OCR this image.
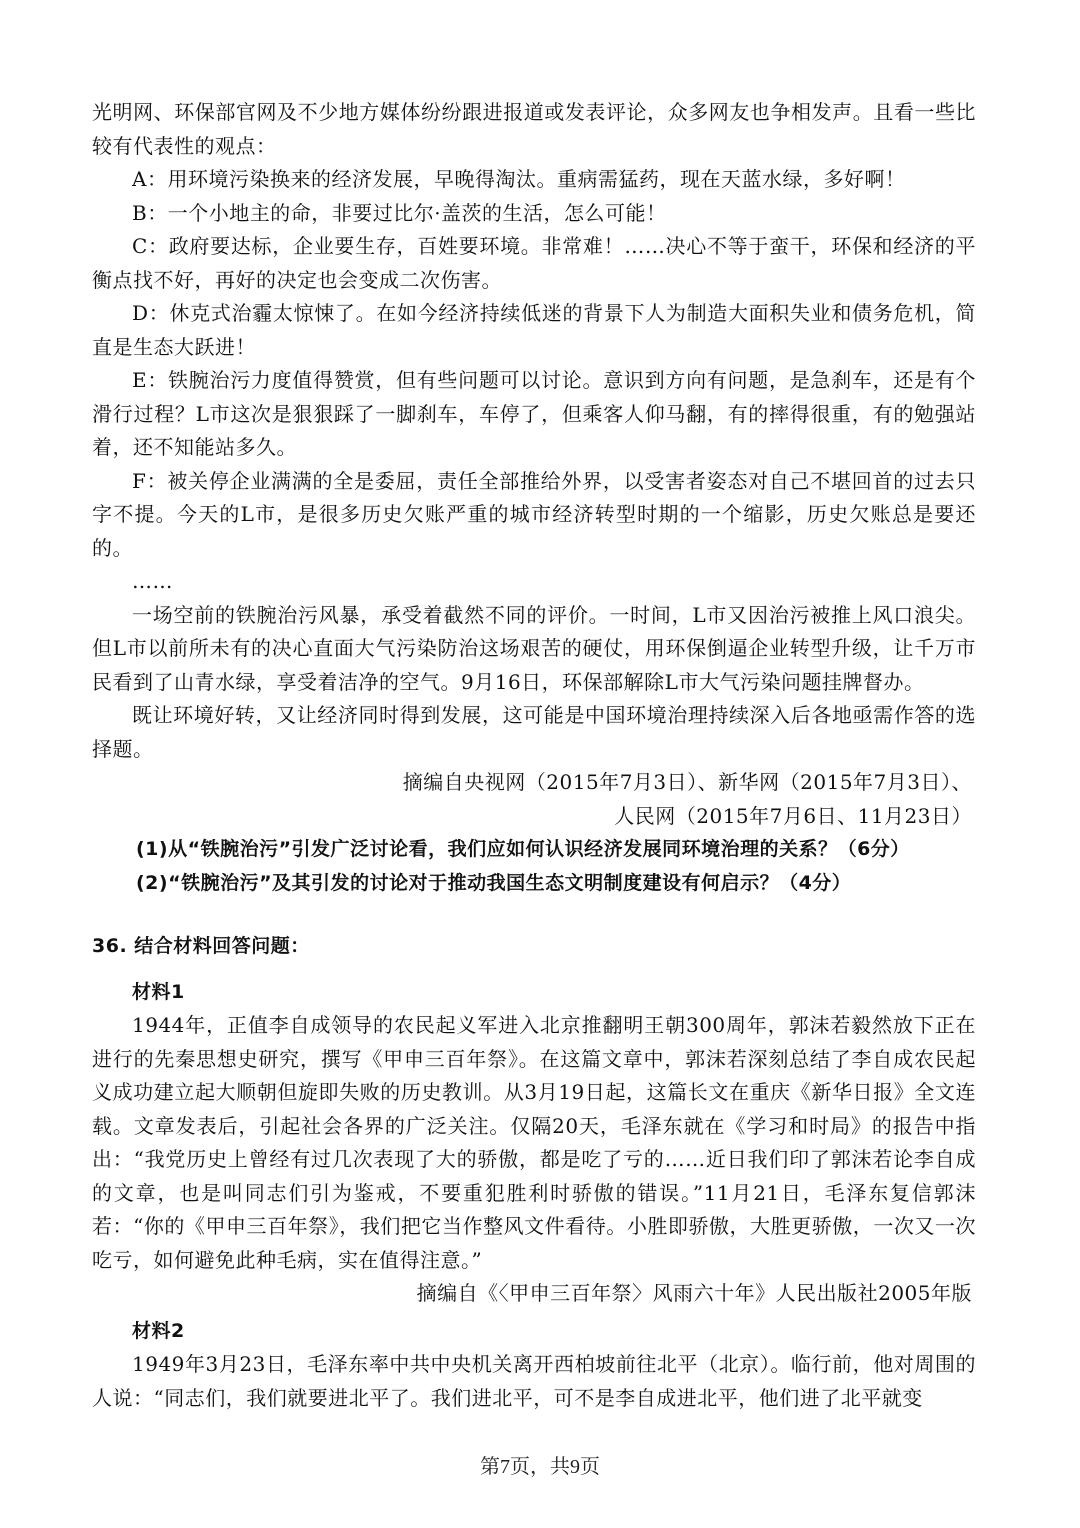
光明网、环保部官网及不少地方媒体纷纷跟进报道或发表评论，众多网友也争相发声。且看一些比较有代表性的观点：

A：用环境污染换来的经济发展，早晚得淘汰。重病需猛药，现在天蓝水绿，多好啊！

B：一个小地主的命，非要过比尔·盖茨的生活，怎么可能！

C：政府要达标，企业要生存，百姓要环境。非常难！……决心不等于蛮干，环保和经济的平衡点找不好，再好的决定也会变成二次伤害。

D：休克式治霾太惊悚了。在如今经济持续低迷的背景下人为制造大面积失业和债务危机，简直是生态大跃进！

E：铁腕治污力度值得赞赏，但有些问题可以讨论。意识到方向有问题，是急刹车，还是有个滑行过程？L市这次是狠狠踩了一脚刹车，车停了，但乘客人仰马翻，有的摔得很重，有的勉强站着，还不知能站多久。

F：被关停企业满满的全是委屈，责任全部推给外界，以受害者姿态对自己不堪回首的过去只字不提。今天的L市，是很多历史欠账严重的城市经济转型时期的一个缩影，历史欠账总是要还的。

……

一场空前的铁腕治污风暴，承受着截然不同的评价。一时间，L市又因治污被推上风口浪尖。但L市以前所未有的决心直面大气污染防治这场艰苦的硬仗，用环保倒逼企业转型升级，让千万市民看到了山青水绿，享受着洁净的空气。9月16日，环保部解除L市大气污染问题挂牌督办。

既让环境好转，又让经济同时得到发展，这可能是中国环境治理持续深入后各地亟需作答的选择题。

摘编自央视网（2015年7月3日）、新华网（2015年7月3日）、

人民网（2015年7月6日、11月23日）

(1)从“铁腕治污”引发广泛讨论看，我们应如何认识经济发展同环境治理的关系？（6分）

(2)“铁腕治污”及其引发的讨论对于推动我国生态文明制度建设有何启示？（4分）

36. 结合材料回答问题：

材料1

1944年，正值李自成领导的农民起义军进入北京推翻明王朝300周年，郭沫若毅然放下正在进行的先秦思想史研究，撰写《甲申三百年祭》。在这篇文章中，郭沫若深刻总结了李自成农民起义成功建立起大顺朝但旋即失败的历史教训。从3月19日起，这篇长文在重庆《新华日报》全文连载。文章发表后，引起社会各界的广泛关注。仅隔20天，毛泽东就在《学习和时局》的报告中指出：“我党历史上曾经有过几次表现了大的骄傲，都是吃了亏的……近日我们印了郭沫若论李自成的文章，也是叫同志们引为鉴戒，不要重犯胜利时骄傲的错误。”11月21日，毛泽东复信郭沫若：“你的《甲申三百年祭》，我们把它当作整风文件看待。小胜即骄傲，大胜更骄傲，一次又一次吃亏，如何避免此种毛病，实在值得注意。”

摘编自《〈甲申三百年祭〉风雨六十年》人民出版社2005年版

材料2

1949年3月23日，毛泽东率中共中央机关离开西柏坡前往北平（北京）。临行前，他对周围的人说：“同志们，我们就要进北平了。我们进北平，可不是李自成进北平，他们进了北平就变

第7页，共9页
